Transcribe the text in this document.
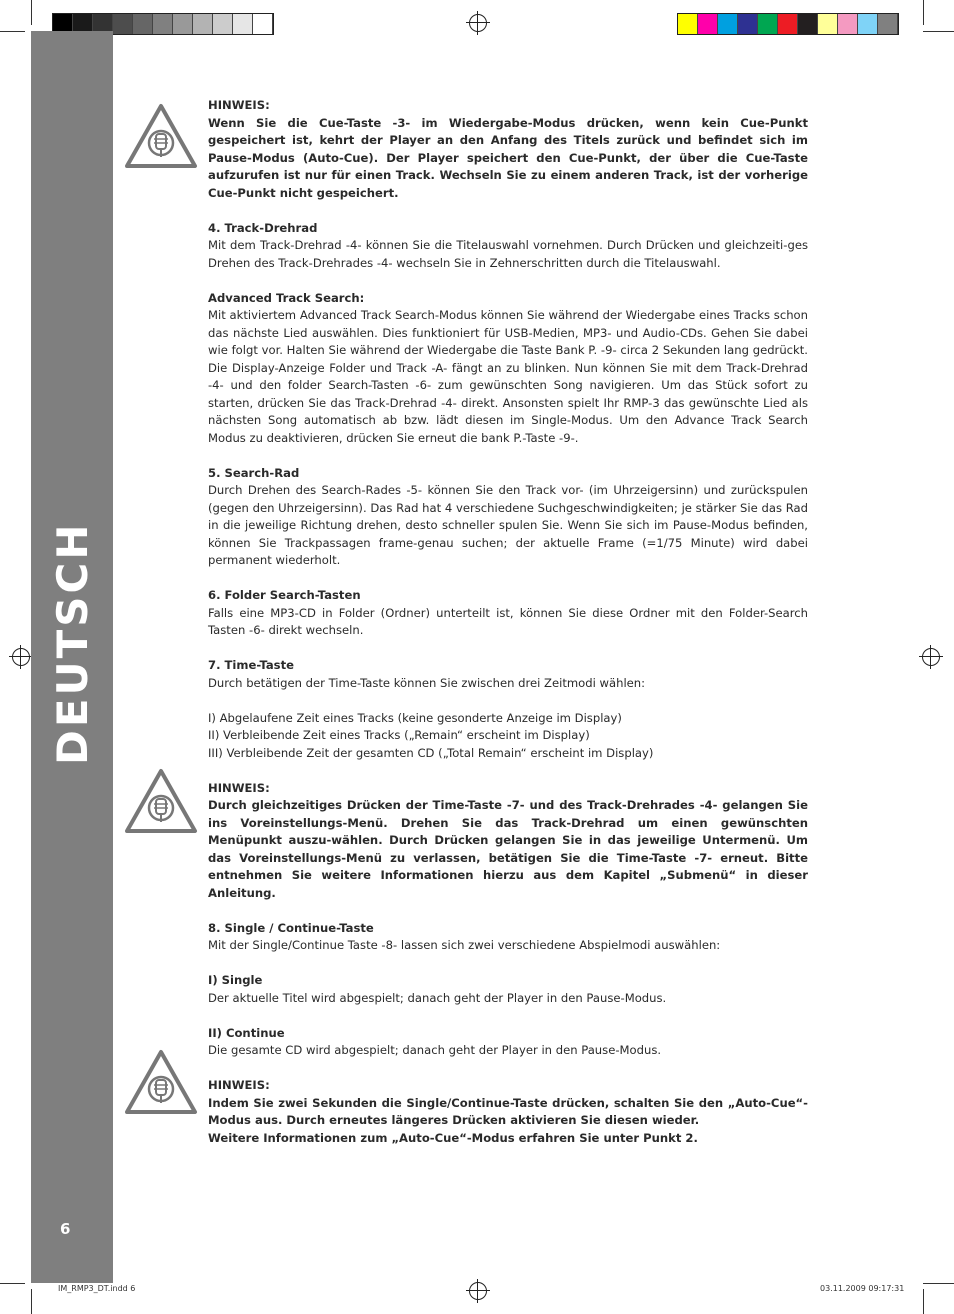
DEUTSCH
6
HINWEIS:
Wenn Sie die Cue-Taste -3- im Wiedergabe-Modus drücken, wenn kein Cue-Punkt gespeichert ist, kehrt der Player an den Anfang des Titels zurück und befindet sich im Pause-Modus (Auto-Cue). Der Player speichert den Cue-Punkt, der über die Cue-Taste aufzurufen ist nur für einen Track. Wechseln Sie zu einem anderen Track, ist der vorherige Cue-Punkt nicht gespeichert.
4. Track-Drehrad
Mit dem Track-Drehrad -4- können Sie die Titelauswahl vornehmen. Durch Drücken und gleichzeiti-ges Drehen des Track-Drehrades -4- wechseln Sie in Zehnerschritten durch die Titelauswahl.
Advanced Track Search:
Mit aktiviertem Advanced Track Search-Modus können Sie während der Wiedergabe eines Tracks schon das nächste Lied auswählen. Dies funktioniert für USB-Medien, MP3- und Audio-CDs. Gehen Sie dabei wie folgt vor. Halten Sie während der Wiedergabe die Taste Bank P. -9- circa 2 Sekunden lang gedrückt. Die Display-Anzeige Folder und Track -A- fängt an zu blinken. Nun können Sie mit dem Track-Drehrad -4- und den folder Search-Tasten -6- zum gewünschten Song navigieren. Um das Stück sofort zu starten, drücken Sie das Track-Drehrad -4- direkt. Ansonsten spielt Ihr RMP-3 das gewünschte Lied als nächsten Song automatisch ab bzw. lädt diesen im Single-Modus. Um den Advance Track Search Modus zu deaktivieren, drücken Sie erneut die bank P.-Taste -9-.
5. Search-Rad
Durch Drehen des Search-Rades -5- können Sie den Track vor- (im Uhrzeigersinn) und zurückspulen (gegen den Uhrzeigersinn). Das Rad hat 4 verschiedene Suchgeschwindigkeiten; je stärker Sie das Rad in die jeweilige Richtung drehen, desto schneller spulen Sie. Wenn Sie sich im Pause-Modus befinden, können Sie Trackpassagen frame-genau suchen; der aktuelle Frame (=1/75 Minute) wird dabei permanent wiederholt.
6. Folder Search-Tasten
Falls eine MP3-CD in Folder (Ordner) unterteilt ist, können Sie diese Ordner mit den Folder-Search Tasten -6- direkt wechseln.
7. Time-Taste
Durch betätigen der Time-Taste können Sie zwischen drei Zeitmodi wählen:
I) Abgelaufene Zeit eines Tracks (keine gesonderte Anzeige im Display)
II) Verbleibende Zeit eines Tracks („Remain“ erscheint im Display)
III) Verbleibende Zeit der gesamten CD („Total Remain“ erscheint im Display)
HINWEIS:
Durch gleichzeitiges Drücken der Time-Taste -7- und des Track-Drehrades -4- gelangen Sie ins Voreinstellungs-Menü. Drehen Sie das Track-Drehrad um einen gewünschten Menüpunkt auszu-wählen. Durch Drücken gelangen Sie in das jeweilige Untermenü. Um das Voreinstellungs-Menü zu verlassen, betätigen Sie die Time-Taste -7- erneut. Bitte entnehmen Sie weitere Informationen hierzu aus dem Kapitel „Submenü“ in dieser Anleitung.
8. Single / Continue-Taste
Mit der Single/Continue Taste -8- lassen sich zwei verschiedene Abspielmodi auswählen:
I) Single
Der aktuelle Titel wird abgespielt; danach geht der Player in den Pause-Modus.
II) Continue
Die gesamte CD wird abgespielt; danach geht der Player in den Pause-Modus.
HINWEIS:
Indem Sie zwei Sekunden die Single/Continue-Taste drücken, schalten Sie den „Auto-Cue“-Modus aus. Durch erneutes längeres Drücken aktivieren Sie diesen wieder.
Weitere Informationen zum „Auto-Cue“-Modus erfahren Sie unter Punkt 2.
IM_RMP3_DT.indd 6	03.11.2009 09:17:31
